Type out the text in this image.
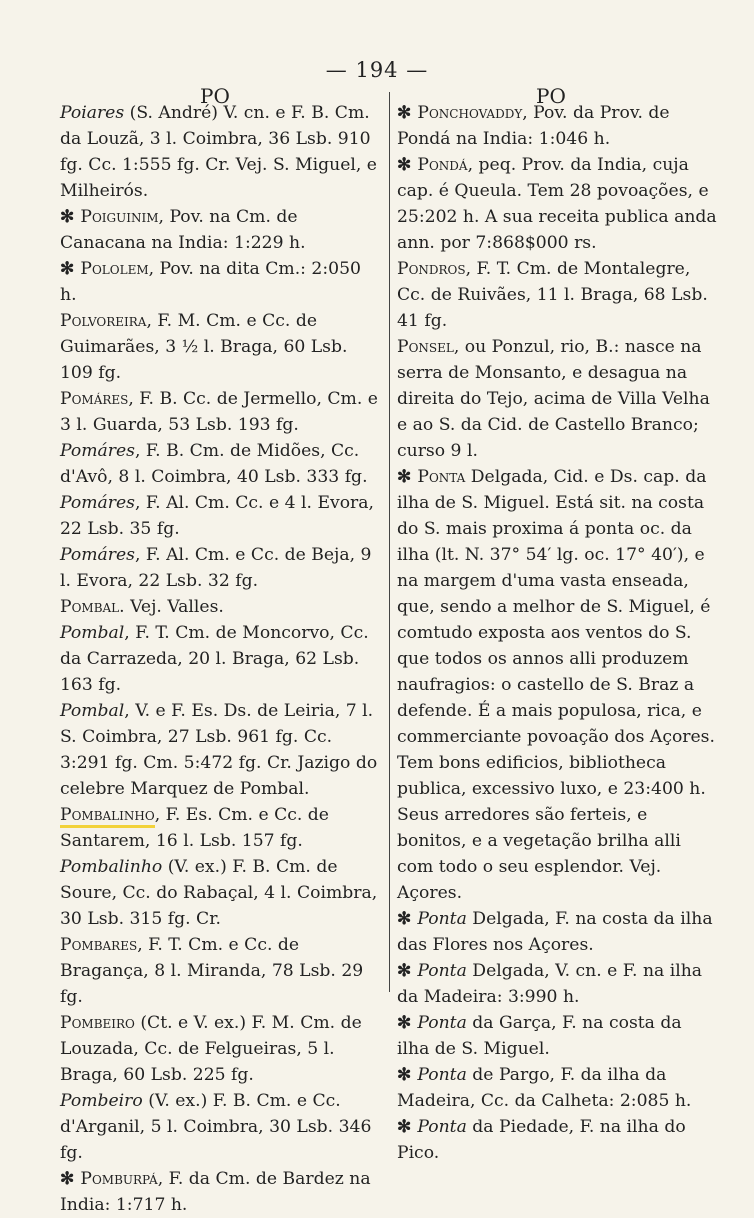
— 194 —
PO	PO

Poiares (S. André) V. cn. e F. B. Cm. da Louzã, 3 l. Coimbra, 36 Lsb. 910 fg. Cc. 1:555 fg. Cr. Vej. S. Miguel, e Milheirós.

✻ Poiguinim, Pov. na Cm. de Canacana na India: 1:229 h.

✻ Pololem, Pov. na dita Cm.: 2:050 h.

Polvoreira, F. M. Cm. e Cc. de Guimarães, 3 ½ l. Braga, 60 Lsb. 109 fg.

Pomáres, F. B. Cc. de Jermello, Cm. e 3 l. Guarda, 53 Lsb. 193 fg.

Pomáres, F. B. Cm. de Midões, Cc. d'Avô, 8 l. Coimbra, 40 Lsb. 333 fg.

Pomáres, F. Al. Cm. Cc. e 4 l. Evora, 22 Lsb. 35 fg.

Pomáres, F. Al. Cm. e Cc. de Beja, 9 l. Evora, 22 Lsb. 32 fg.

Pombal. Vej. Valles.

Pombal, F. T. Cm. de Moncorvo, Cc. da Carrazeda, 20 l. Braga, 62 Lsb. 163 fg.

Pombal, V. e F. Es. Ds. de Leiria, 7 l. S. Coimbra, 27 Lsb. 961 fg. Cc. 3:291 fg. Cm. 5:472 fg. Cr. Jazigo do celebre Marquez de Pombal.

Pombalinho, F. Es. Cm. e Cc. de Santarem, 16 l. Lsb. 157 fg.

Pombalinho (V. ex.) F. B. Cm. de Soure, Cc. do Rabaçal, 4 l. Coimbra, 30 Lsb. 315 fg. Cr.

Pombares, F. T. Cm. e Cc. de Bragança, 8 l. Miranda, 78 Lsb. 29 fg.

Pombeiro (Ct. e V. ex.) F. M. Cm. de Louzada, Cc. de Felgueiras, 5 l. Braga, 60 Lsb. 225 fg.

Pombeiro (V. ex.) F. B. Cm. e Cc. d'Arganil, 5 l. Coimbra, 30 Lsb. 346 fg.

✻ Pomburpá, F. da Cm. de Bardez na India: 1:717 h.

✻ Ponchovaddy, Pov. da Prov. de Pondá na India: 1:046 h.

✻ Pondá, peq. Prov. da India, cuja cap. é Queula. Tem 28 povoações, e 25:202 h. A sua receita publica anda ann. por 7:868$000 rs.

Pondros, F. T. Cm. de Montalegre, Cc. de Ruivães, 11 l. Braga, 68 Lsb. 41 fg.

Ponsel, ou Ponzul, rio, B.: nasce na serra de Monsanto, e desagua na direita do Tejo, acima de Villa Velha e ao S. da Cid. de Castello Branco; curso 9 l.

✻ Ponta Delgada, Cid. e Ds. cap. da ilha de S. Miguel. Está sit. na costa do S. mais proxima á ponta oc. da ilha (lt. N. 37° 54′ lg. oc. 17° 40′), e na margem d'uma vasta enseada, que, sendo a melhor de S. Miguel, é comtudo exposta aos ventos do S. que todos os annos alli produzem naufragios: o castello de S. Braz a defende. É a mais populosa, rica, e commerciante povoação dos Açores. Tem bons edificios, bibliotheca publica, excessivo luxo, e 23:400 h. Seus arredores são ferteis, e bonitos, e a vegetação brilha alli com todo o seu esplendor. Vej. Açores.

✻ Ponta Delgada, F. na costa da ilha das Flores nos Açores.

✻ Ponta Delgada, V. cn. e F. na ilha da Madeira: 3:990 h.

✻ Ponta da Garça, F. na costa da ilha de S. Miguel.

✻ Ponta de Pargo, F. da ilha da Madeira, Cc. da Calheta: 2:085 h.

✻ Ponta da Piedade, F. na ilha do Pico.
